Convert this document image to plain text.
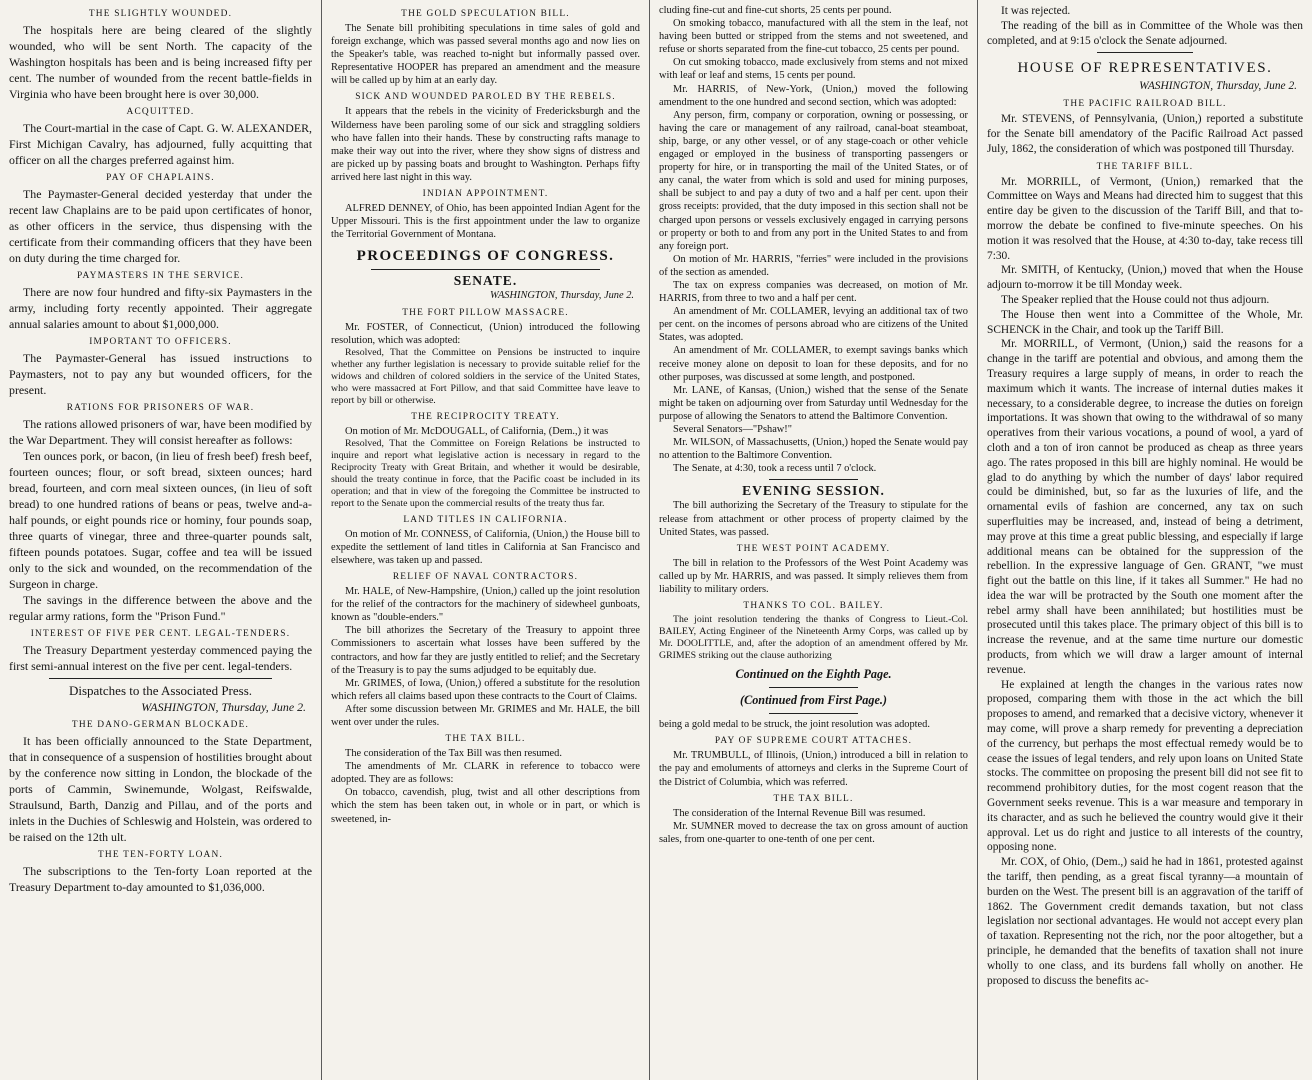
THE SLIGHTLY WOUNDED.

The hospitals here are being cleared of the slightly wounded, who will be sent North. The capacity of the Washington hospitals has been and is being increased fifty per cent. The number of wounded from the recent battle-fields in Virginia who have been brought here is over 30,000.

ACQUITTED.

The Court-martial in the case of Capt. G. W. ALEXANDER, First Michigan Cavalry, has adjourned, fully acquitting that officer on all the charges preferred against him.

PAY OF CHAPLAINS.

The Paymaster-General decided yesterday that under the recent law Chaplains are to be paid upon certificates of honor, as other officers in the service, thus dispensing with the certificate from their commanding officers that they have been on duty during the time charged for.

PAYMASTERS IN THE SERVICE.

There are now four hundred and fifty-six Paymasters in the army, including forty recently appointed. Their aggregate annual salaries amount to about $1,000,000.

IMPORTANT TO OFFICERS.

The Paymaster-General has issued instructions to Paymasters, not to pay any but wounded officers, for the present.

RATIONS FOR PRISONERS OF WAR.

The rations allowed prisoners of war, have been modified by the War Department. They will consist hereafter as follows:

Ten ounces pork, or bacon, (in lieu of fresh beef) fresh beef, fourteen ounces; flour, or soft bread, sixteen ounces; hard bread, fourteen, and corn meal sixteen ounces, (in lieu of soft bread) to one hundred rations of beans or peas, twelve and-a-half pounds, or eight pounds rice or hominy, four pounds soap, three quarts of vinegar, three and three-quarter pounds salt, fifteen pounds potatoes. Sugar, coffee and tea will be issued only to the sick and wounded, on the recommendation of the Surgeon in charge.

The savings in the difference between the above and the regular army rations, form the "Prison Fund."

INTEREST OF FIVE PER CENT. LEGAL-TENDERS.

The Treasury Department yesterday commenced paying the first semi-annual interest on the five per cent. legal-tenders.

Dispatches to the Associated Press.

WASHINGTON, Thursday, June 2.

THE DANO-GERMAN BLOCKADE.

It has been officially announced to the State Department, that in consequence of a suspension of hostilities brought about by the conference now sitting in London, the blockade of the ports of Cammin, Swinemunde, Wolgast, Reifswalde, Straulsund, Barth, Danzig and Pillau, and of the ports and inlets in the Duchies of Schleswig and Holstein, was ordered to be raised on the 12th ult.

THE TEN-FORTY LOAN.

The subscriptions to the Ten-forty Loan reported at the Treasury Department to-day amounted to $1,036,000.

THE GOLD SPECULATION BILL.

The Senate bill prohibiting speculations in time sales of gold and foreign exchange, which was passed several months ago and now lies on the Speaker's table, was reached to-night but informally passed over. Representative HOOPER has prepared an amendment and the measure will be called up by him at an early day.

SICK AND WOUNDED PAROLED BY THE REBELS.

It appears that the rebels in the vicinity of Fredericksburgh and the Wilderness have been paroling some of our sick and straggling soldiers who have fallen into their hands. These by constructing rafts manage to make their way out into the river, where they show signs of distress and are picked up by passing boats and brought to Washington. Perhaps fifty arrived here last night in this way.

INDIAN APPOINTMENT.

ALFRED DENNEY, of Ohio, has been appointed Indian Agent for the Upper Missouri. This is the first appointment under the law to organize the Territorial Government of Montana.

PROCEEDINGS OF CONGRESS.

SENATE.

WASHINGTON, Thursday, June 2.

THE FORT PILLOW MASSACRE.

Mr. FOSTER, of Connecticut, (Union) introduced the following resolution, which was adopted:

Resolved, That the Committee on Pensions be instructed to inquire whether any further legislation is necessary to provide suitable relief for the widows and children of colored soldiers in the service of the United States, who were massacred at Fort Pillow, and that said Committee have leave to report by bill or otherwise.

THE RECIPROCITY TREATY.

On motion of Mr. McDOUGALL, of California, (Dem.,) it was

Resolved, That the Committee on Foreign Relations be instructed to inquire and report what legislative action is necessary in regard to the Reciprocity Treaty with Great Britain, and whether it would be desirable, should the treaty continue in force, that the Pacific coast be included in its operation; and that in view of the foregoing the Committee be instructed to report to the Senate upon the commercial results of the treaty thus far.

LAND TITLES IN CALIFORNIA.

On motion of Mr. CONNESS, of California, (Union,) the House bill to expedite the settlement of land titles in California at San Francisco and elsewhere, was taken up and passed.

RELIEF OF NAVAL CONTRACTORS.

Mr. HALE, of New-Hampshire, (Union,) called up the joint resolution for the relief of the contractors for the machinery of sidewheel gunboats, known as "double-enders."

The bill athorizes the Secretary of the Treasury to appoint three Commissioners to ascertain what losses have been suffered by the contractors, and how far they are justly entitled to relief; and the Secretary of the Treasury is to pay the sums adjudged to be equitably due.

Mr. GRIMES, of Iowa, (Union,) offered a substitute for the resolution which refers all claims based upon these contracts to the Court of Claims.

After some discussion between Mr. GRIMES and Mr. HALE, the bill went over under the rules.

THE TAX BILL.

The consideration of the Tax Bill was then resumed.

The amendments of Mr. CLARK in reference to tobacco were adopted. They are as follows:

On tobacco, cavendish, plug, twist and all other descriptions from which the stem has been taken out, in whole or in part, or which is sweetened, in-

cluding fine-cut and fine-cut shorts, 25 cents per pound.

On smoking tobacco, manufactured with all the stem in the leaf, not having been butted or stripped from the stems and not sweetened, and refuse or shorts separated from the fine-cut tobacco, 25 cents per pound.

On cut smoking tobacco, made exclusively from stems and not mixed with leaf or leaf and stems, 15 cents per pound.

Mr. HARRIS, of New-York, (Union,) moved the following amendment to the one hundred and second section, which was adopted:

Any person, firm, company or corporation, owning or possessing, or having the care or management of any railroad, canal-boat steamboat, ship, barge, or any other vessel, or of any stage-coach or other vehicle engaged or employed in the business of transporting passengers or property for hire, or in transporting the mail of the United States, or of any canal, the water from which is sold and used for mining purposes, shall be subject to and pay a duty of two and a half per cent. upon their gross receipts: provided, that the duty imposed in this section shall not be charged upon persons or vessels exclusively engaged in carrying persons or property or both to and from any port in the United States to and from any foreign port.

On motion of Mr. HARRIS, "ferries" were included in the provisions of the section as amended.

The tax on express companies was decreased, on motion of Mr. HARRIS, from three to two and a half per cent.

An amendment of Mr. COLLAMER, levying an additional tax of two per cent. on the incomes of persons abroad who are citizens of the United States, was adopted.

An amendment of Mr. COLLAMER, to exempt savings banks which receive money alone on deposit to loan for these deposits, and for no other purposes, was discussed at some length, and postponed.

Mr. LANE, of Kansas, (Union,) wished that the sense of the Senate might be taken on adjourning over from Saturday until Wednesday for the purpose of allowing the Senators to attend the Baltimore Convention.

Several Senators—"Pshaw!"

Mr. WILSON, of Massachusetts, (Union,) hoped the Senate would pay no attention to the Baltimore Convention.

The Senate, at 4:30, took a recess until 7 o'clock.

EVENING SESSION.

The bill authorizing the Secretary of the Treasury to stipulate for the release from attachment or other process of property claimed by the United States, was passed.

THE WEST POINT ACADEMY.

The bill in relation to the Professors of the West Point Academy was called up by Mr. HARRIS, and was passed. It simply relieves them from liability to military orders.

THANKS TO COL. BAILEY.

The joint resolution tendering the thanks of Congress to Lieut.-Col. BAILEY, Acting Engineer of the Nineteenth Army Corps, was called up by Mr. DOOLITTLE, and, after the adoption of an amendment offered by Mr. GRIMES striking out the clause authorizing

Continued on the Eighth Page.

(Continued from First Page.)

being a gold medal to be struck, the joint resolution was adopted.

PAY OF SUPREME COURT ATTACHES.

Mr. TRUMBULL, of Illinois, (Union,) introduced a bill in relation to the pay and emoluments of attorneys and clerks in the Supreme Court of the District of Columbia, which was referred.

THE TAX BILL.

The consideration of the Internal Revenue Bill was resumed.

Mr. SUMNER moved to decrease the tax on gross amount of auction sales, from one-quarter to one-tenth of one per cent.

It was rejected.

The reading of the bill as in Committee of the Whole was then completed, and at 9:15 o'clock the Senate adjourned.

HOUSE OF REPRESENTATIVES.

WASHINGTON, Thursday, June 2.

THE PACIFIC RAILROAD BILL.

Mr. STEVENS, of Pennsylvania, (Union,) reported a substitute for the Senate bill amendatory of the Pacific Railroad Act passed July, 1862, the consideration of which was postponed till Thursday.

THE TARIFF BILL.

Mr. MORRILL, of Vermont, (Union,) remarked that the Committee on Ways and Means had directed him to suggest that this entire day be given to the discussion of the Tariff Bill, and that to-morrow the debate be confined to five-minute speeches. On his motion it was resolved that the House, at 4:30 to-day, take recess till 7:30.

Mr. SMITH, of Kentucky, (Union,) moved that when the House adjourn to-morrow it be till Monday week.

The Speaker replied that the House could not thus adjourn.

The House then went into a Committee of the Whole, Mr. SCHENCK in the Chair, and took up the Tariff Bill.

Mr. MORRILL, of Vermont, (Union,) said the reasons for a change in the tariff are potential and obvious, and among them the Treasury requires a large supply of means, in order to reach the maximum which it wants. The increase of internal duties makes it necessary, to a considerable degree, to increase the duties on foreign importations. It was shown that owing to the withdrawal of so many operatives from their various vocations, a pound of wool, a yard of cloth and a ton of iron cannot be produced as cheap as three years ago. The rates proposed in this bill are highly nominal. He would be glad to do anything by which the number of days' labor required could be diminished, but, so far as the luxuries of life, and the ornamental evils of fashion are concerned, any tax on such superfluities may be increased, and, instead of being a detriment, may prove at this time a great public blessing, and especially if large additional means can be obtained for the suppression of the rebellion. In the expressive language of Gen. GRANT, "we must fight out the battle on this line, if it takes all Summer." He had no idea the war will be protracted by the South one moment after the rebel army shall have been annihilated; but hostilities must be prosecuted until this takes place. The primary object of this bill is to increase the revenue, and at the same time nurture our domestic products, from which we will draw a larger amount of internal revenue.

He explained at length the changes in the various rates now proposed, comparing them with those in the act which the bill proposes to amend, and remarked that a decisive victory, whenever it may come, will prove a sharp remedy for preventing a depreciation of the currency, but perhaps the most effectual remedy would be to cease the issues of legal tenders, and rely upon loans on United State stocks. The committee on proposing the present bill did not see fit to recommend prohibitory duties, for the most cogent reason that the Government seeks revenue. This is a war measure and temporary in its character, and as such he believed the country would give it their approval. Let us do right and justice to all interests of the country, opposing none.

Mr. COX, of Ohio, (Dem.,) said he had in 1861, protested against the tariff, then pending, as a great fiscal tyranny—a mountain of burden on the West. The present bill is an aggravation of the tariff of 1862. The Government credit demands taxation, but not class legislation nor sectional advantages. He would not accept every plan of taxation. Representing not the rich, nor the poor altogether, but a principle, he demanded that the benefits of taxation shall not inure wholly to one class, and its burdens fall wholly on another. He proposed to discuss the benefits ac-
